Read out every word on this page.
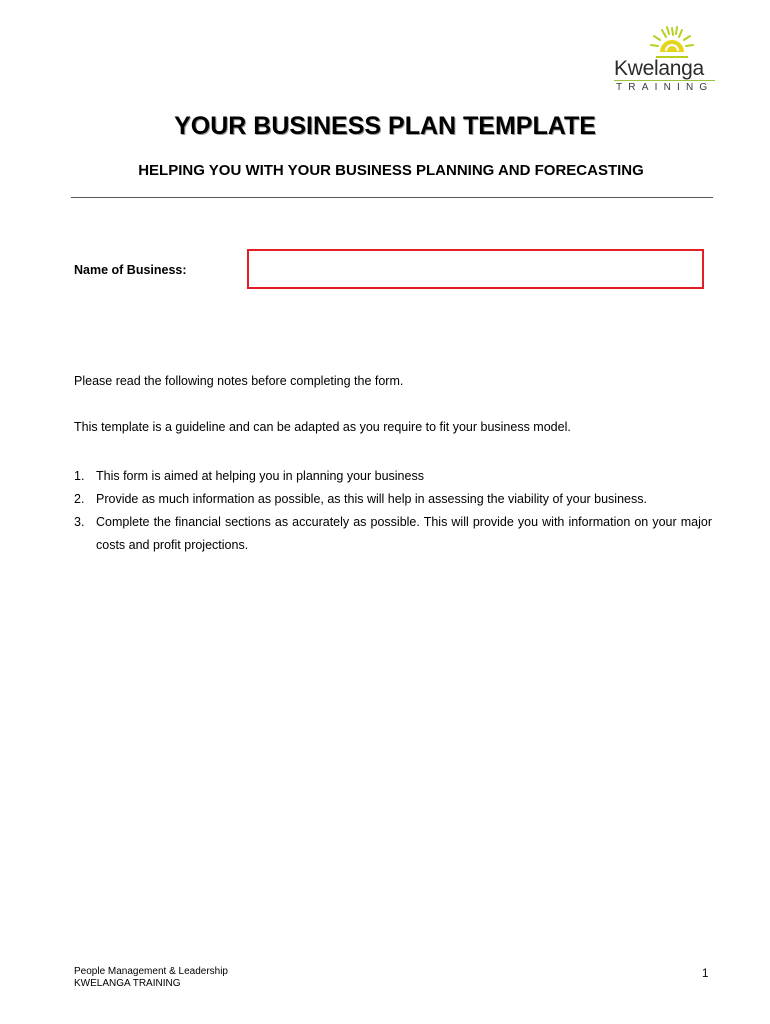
Kwelanga
TRAINING
YOUR BUSINESS PLAN TEMPLATE
HELPING YOU WITH YOUR BUSINESS PLANNING AND FORECASTING
Name of Business:

Please read the following notes before completing the form.

This template is a guideline and can be adapted as you require to fit your business model.

1. This form is aimed at helping you in planning your business
2. Provide as much information as possible, as this will help in assessing the viability of your business.
3. Complete the financial sections as accurately as possible. This will provide you with information on your major costs and profit projections.
People Management & Leadership
KWELANGA TRAINING
1
